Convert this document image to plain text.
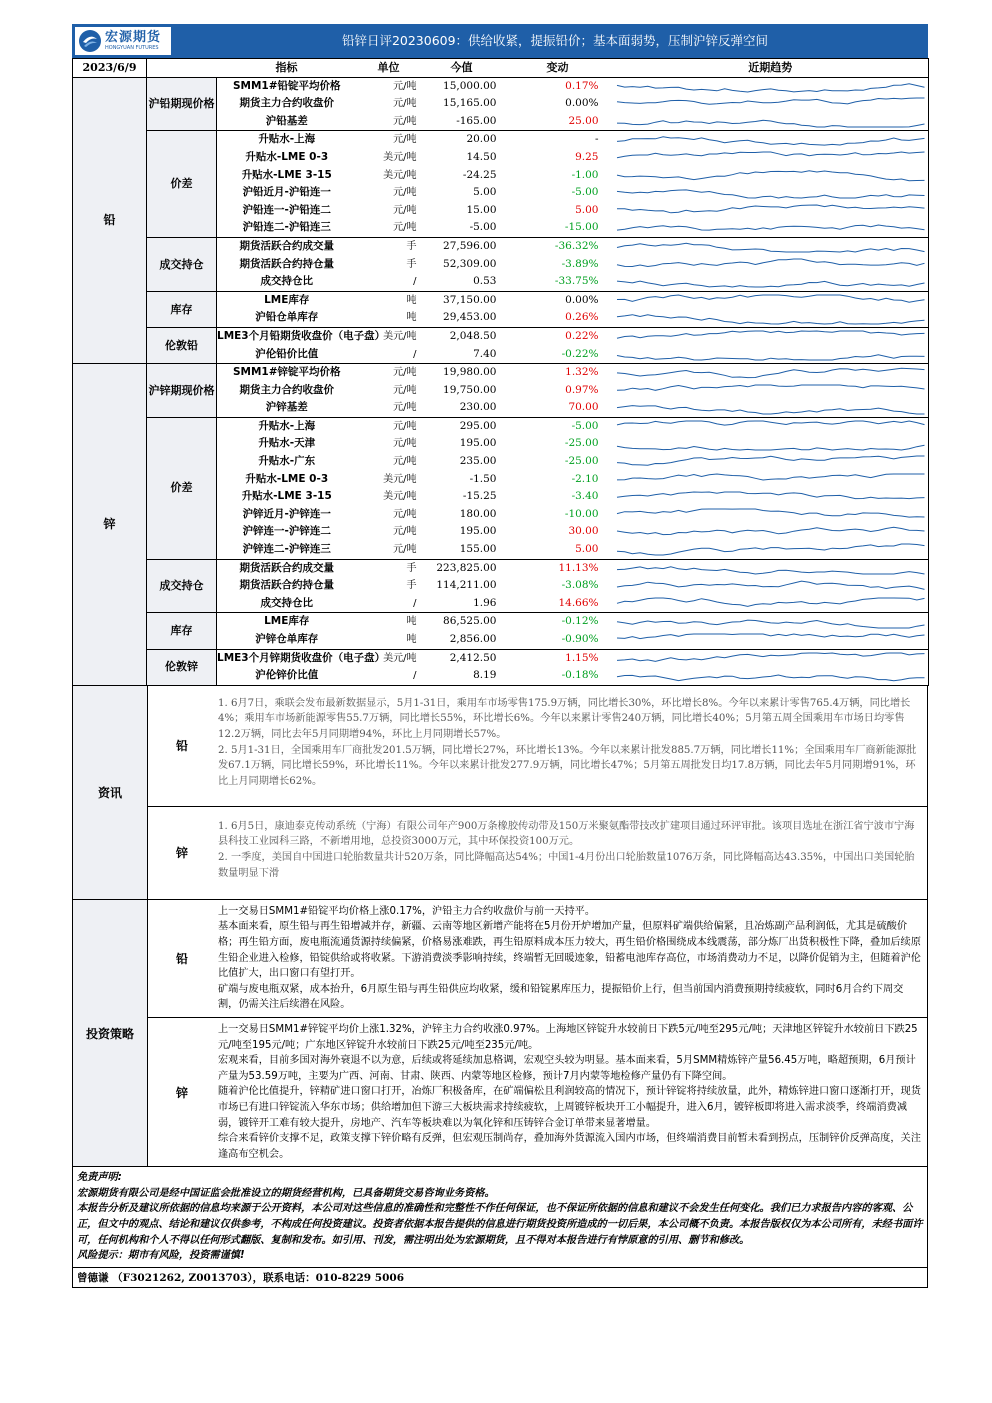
宏源期货
HONGYUAN FUTURES	铅锌日评20230609：供给收紧，提振铅价；基本面弱势，压制沪锌反弹空间
2023/6/9		指标	单位	今值	变动	近期趋势
铅	沪铅期现价格	SMM1#铅锭平均价格	元/吨	15,000.00	0.17%	

		期货主力合约收盘价	元/吨	15,165.00	0.00%	

		沪铅基差	元/吨	-165.00	25.00	

	价差	升贴水-上海	元/吨	20.00	-	

		升贴水-LME 0-3	美元/吨	14.50	9.25	

		升贴水-LME 3-15	美元/吨	-24.25	-1.00	

		沪铅近月-沪铅连一	元/吨	5.00	-5.00	

		沪铅连一-沪铅连二	元/吨	15.00	5.00	

		沪铅连二-沪铅连三	元/吨	-5.00	-15.00	

	成交持仓	期货活跃合约成交量	手	27,596.00	-36.32%	

		期货活跃合约持仓量	手	52,309.00	-3.89%	

		成交持仓比	/	0.53	-33.75%	

	库存	LME库存	吨	37,150.00	0.00%	

		沪铅仓单库存	吨	29,453.00	0.26%	

	伦敦铅	LME3个月铅期货收盘价（电子盘）	美元/吨	2,048.50	0.22%	

		沪伦铅价比值	/	7.40	-0.22%	

锌	沪锌期现价格	SMM1#锌锭平均价格	元/吨	19,980.00	1.32%	

		期货主力合约收盘价	元/吨	19,750.00	0.97%	

		沪锌基差	元/吨	230.00	70.00	

	价差	升贴水-上海	元/吨	295.00	-5.00	

		升贴水-天津	元/吨	195.00	-25.00	

		升贴水-广东	元/吨	235.00	-25.00	

		升贴水-LME 0-3	美元/吨	-1.50	-2.10	

		升贴水-LME 3-15	美元/吨	-15.25	-3.40	

		沪锌近月-沪锌连一	元/吨	180.00	-10.00	

		沪锌连一-沪锌连二	元/吨	195.00	30.00	

		沪锌连二-沪锌连三	元/吨	155.00	5.00	

	成交持仓	期货活跃合约成交量	手	223,825.00	11.13%	

		期货活跃合约持仓量	手	114,211.00	-3.08%	

		成交持仓比	/	1.96	14.66%	

	库存	LME库存	吨	86,525.00	-0.12%	

		沪锌仓单库存	吨	2,856.00	-0.90%	

	伦敦锌	LME3个月锌期货收盘价（电子盘）	美元/吨	2,412.50	1.15%	

		沪伦锌价比值	/	8.19	-0.18%	
资讯
铅

1. 6月7日，乘联会发布最新数据显示，5月1-31日，乘用车市场零售175.9万辆，同比增长30%，环比增长8%。今年以来累计零售765.4万辆，同比增长4%；乘用车市场新能源零售55.7万辆，同比增长55%，环比增长6%。今年以来累计零售240万辆，同比增长40%；5月第五周全国乘用车市场日均零售12.2万辆，同比去年5月同期增94%，环比上月同期增长57%。

2. 5月1-31日，全国乘用车厂商批发201.5万辆，同比增长27%，环比增长13%。今年以来累计批发885.7万辆，同比增长11%；全国乘用车厂商新能源批发67.1万辆，同比增长59%，环比增长11%。今年以来累计批发277.9万辆，同比增长47%；5月第五周批发日均17.8万辆，同比去年5月同期增91%，环比上月同期增长62%。

锌

1. 6月5日，康迪泰克传动系统（宁海）有限公司年产900万条橡胶传动带及150万米聚氨酯带技改扩建项目通过环评审批。该项目选址在浙江省宁波市宁海县科技工业园科三路，不新增用地，总投资3000万元，其中环保投资100万元。

2. 一季度，美国自中国进口轮胎数量共计520万条，同比降幅高达54%；中国1-4月份出口轮胎数量1076万条，同比降幅高达43.35%，中国出口美国轮胎数量明显下滑

投资策略
铅

上一交易日SMM1#铅锭平均价格上涨0.17%，沪铅主力合约收盘价与前一天持平。

基本面来看，原生铅与再生铅增减并存，新疆、云南等地区新增产能将在5月份开炉增加产量，但原料矿端供给偏紧，且冶炼副产品利润低，尤其是硫酸价格；再生铅方面，废电瓶流通货源持续偏紧，价格易涨难跌，再生铅原料成本压力较大，再生铅价格围绕成本线震荡，部分炼厂出货积极性下降，叠加后续原生铅企业进入检修，铅锭供给或将收紧。下游消费淡季影响持续，终端暂无回暖迹象，铅蓄电池库存高位，市场消费动力不足，以降价促销为主，但随着沪伦比值扩大，出口窗口有望打开。

矿端与废电瓶双紧，成本抬升，6月原生铅与再生铅供应均收紧，缓和铅锭累库压力，提振铅价上行，但当前国内消费预期持续疲软，同时6月合约下周交割，仍需关注后续潜在风险。

锌

上一交易日SMM1#锌锭平均价上涨1.32%，沪锌主力合约收涨0.97%。上海地区锌锭升水较前日下跌5元/吨至295元/吨；天津地区锌锭升水较前日下跌25元/吨至195元/吨；广东地区锌锭升水较前日下跌25元/吨至235元/吨。

宏观来看，目前多国对海外衰退不以为意，后续或将延续加息格调，宏观空头较为明显。基本面来看，5月SMM精炼锌产量56.45万吨，略超预期，6月预计产量为53.59万吨，主要为广西、河南、甘肃、陕西、内蒙等地区检修，预计7月内蒙等地检修产量仍有下降空间。

随着沪伦比值提升，锌精矿进口窗口打开，冶炼厂积极备库，在矿端偏松且利润较高的情况下，预计锌锭将持续放量，此外，精炼锌进口窗口逐渐打开，现货市场已有进口锌锭流入华东市场；供给增加但下游三大板块需求持续疲软，上周镀锌板块开工小幅提升，进入6月，镀锌板即将进入需求淡季，终端消费减弱，镀锌开工难有较大提升，房地产、汽车等板块难以为氧化锌和压铸锌合金订单带来显著增量。

综合来看锌价支撑不足，政策支撑下锌价略有反弹，但宏观压制尚存，叠加海外货源流入国内市场，但终端消费目前暂未看到拐点，压制锌价反弹高度，关注逢高布空机会。

免责声明:

宏源期货有限公司是经中国证监会批准设立的期货经营机构，已具备期货交易咨询业务资格。

本报告分析及建议所依据的信息均来源于公开资料，本公司对这些信息的准确性和完整性不作任何保证，也不保证所依据的信息和建议不会发生任何变化。我们已力求报告内容的客观、公正，但文中的观点、结论和建议仅供参考，不构成任何投资建议。投资者依据本报告提供的信息进行期货投资所造成的一切后果，本公司概不负责。本报告版权仅为本公司所有，未经书面许可，任何机构和个人不得以任何形式翻版、复制和发布。如引用、刊发，需注明出处为宏源期货，且不得对本报告进行有悖原意的引用、删节和修改。

风险提示：期市有风险，投资需谨慎!

曾德谦 （F3021262, Z0013703），联系电话：010-8229 5006
